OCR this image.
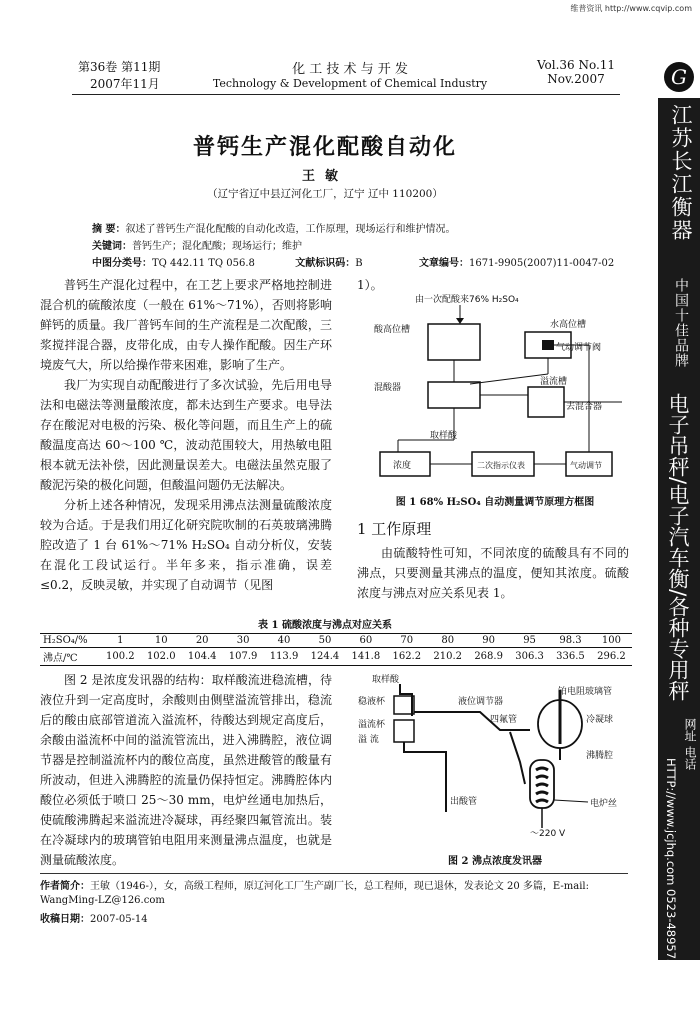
维普资讯 http://www.cqvip.com
第36卷 第11期
2007年11月
化 工 技 术 与 开 发
Technology & Development of Chemical Industry
Vol.36 No.11
Nov.2007
普钙生产混化配酸自动化
王敏
（辽宁省辽中县辽河化工厂，辽宁 辽中 110200）
摘 要：叙述了普钙生产混化配酸的自动化改造，工作原理，现场运行和维护情况。
关键词：普钙生产；混化配酸；现场运行；维护
中图分类号：TQ 442.11 TQ 056.8	文献标识码：B	文章编号：1671-9905(2007)11-0047-02

普钙生产混化过程中，在工艺上要求严格地控制进混合机的硫酸浓度（一般在 61%～71%），否则将影响鲜钙的质量。我厂普钙车间的生产流程是二次配酸，三浆搅拌混合器，皮带化成，由专人操作配酸。因生产环境废气大，所以给操作带来困难，影响了生产。

我厂为实现自动配酸进行了多次试验，先后用电导法和电磁法等测量酸浓度，都未达到生产要求。电导法存在酸泥对电极的污染、极化等问题，而且生产上的硫酸温度高达 60～100 ℃，波动范围较大，用热敏电阻根本就无法补偿，因此测量误差大。电磁法虽然克服了酸泥污染的极化问题，但酸温问题仍无法解决。

分析上述各种情况，发现采用沸点法测量硫酸浓度较为合适。于是我们用辽化研究院吹制的石英玻璃沸腾腔改造了 1 台 61%～71% H₂SO₄ 自动分析仪，安装在混化工段试运行。半年多来，指示准确，误差≤0.2，反映灵敏，并实现了自动调节（见图

1）。
由一次配酸来76% H₂SO₄
酸高位槽	水高位槽
气动调节阀
混酸器
溢流槽
去混合器
取样酸
浓度	二次指示仪表	气动调节
图 1 68% H₂SO₄ 自动测量调节原理方框图
1 工作原理

由硫酸特性可知，不同浓度的硫酸具有不同的沸点，只要测量其沸点的温度，便知其浓度。硫酸浓度与沸点对应关系见表 1。

表 1 硫酸浓度与沸点对应关系
H₂SO₄/%	1	10	20	30	40	50	60	70	80	90	95	98.3	100
沸点/℃	100.2	102.0	104.4	107.9	113.9	124.4	141.8	162.2	210.2	268.9	306.3	336.5	296.2

图 2 是浓度发讯器的结构：取样酸流进稳流槽，待液位升到一定高度时，余酸则由侧壁溢流管排出，稳流后的酸由底部管道流入溢流杯，待酸达到规定高度后，余酸由溢流杯中间的溢流管流出，进入沸腾腔，液位调节器是控制溢流杯内的酸位高度，虽然进酸管的酸量有所波动，但进入沸腾腔的流量仍保持恒定。沸腾腔体内酸位必须低于喷口 25～30 mm，电炉丝通电加热后，使硫酸沸腾起来溢流进冷凝球，再经聚四氟管流出。装在冷凝球内的玻璃管铂电阻用来测量沸点温度，也就是测量硫酸浓度。

取样酸
稳液杯	液位调节器
铂电阻玻璃管
溢流杯
溢 流
四氟管	冷凝球
沸腾腔
电炉丝
～220 V
出酸管
图 2 沸点浓度发讯器
作者简介：王敏（1946-），女，高级工程师，原辽河化工厂生产副厂长，总工程师，现已退休，发表论文 20 多篇，E-mail: WangMing-LZ@126.com
收稿日期：2007-05-14
G
江苏长江衡器
中国十佳品牌
电子吊秤/电子汽车衡/各种专用秤
网址 电话
HTTP://www.jcjhq.com 0523-4895759 4866788
